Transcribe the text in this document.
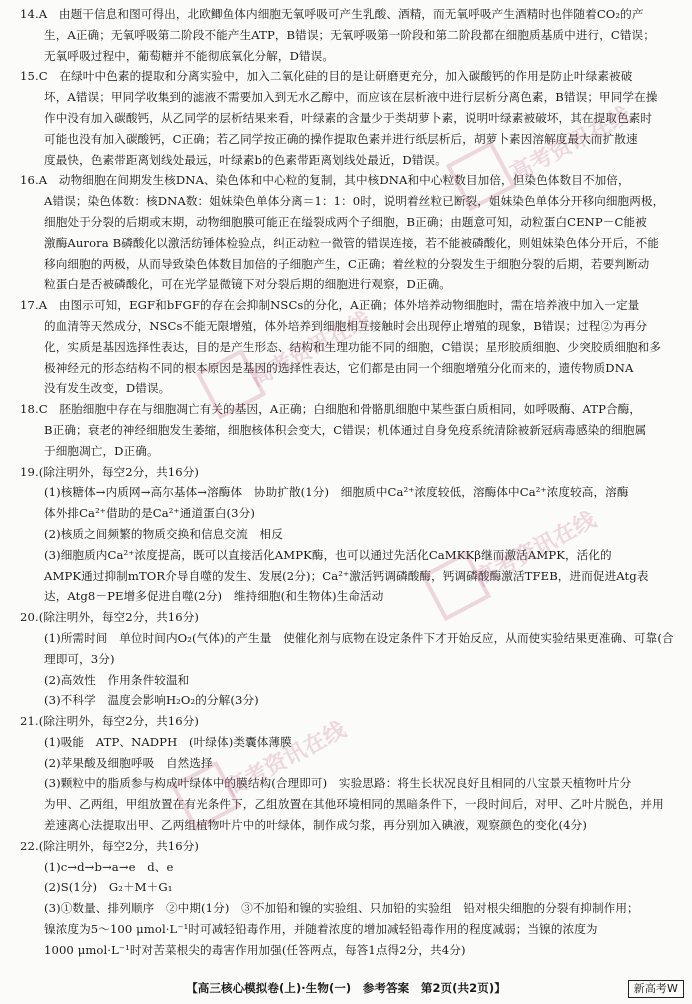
14.A　由题干信息和图可得出，北欧鲫鱼体内细胞无氧呼吸可产生乳酸、酒精，而无氧呼吸产生酒精时也伴随着CO₂的产
生，A正确；无氧呼吸第二阶段不能产生ATP，B错误；无氧呼吸第一阶段和第二阶段都在细胞质基质中进行，C错误；
无氧呼吸过程中，葡萄糖并不能彻底氧化分解，D错误。
15.C　在绿叶中色素的提取和分离实验中，加入二氧化硅的目的是让研磨更充分，加入碳酸钙的作用是防止叶绿素被破
坏，A错误；甲同学收集到的滤液不需要加入到无水乙醇中，而应该在层析液中进行层析分离色素，B错误；甲同学在操
作中没有加入碳酸钙，从乙同学的层析结果来看，叶绿素的含量少于类胡萝卜素，说明叶绿素被破坏，其在提取色素时
可能也没有加入碳酸钙，C正确；若乙同学按正确的操作提取色素并进行纸层析后，胡萝卜素因溶解度最大而扩散速
度最快，色素带距离划线处最远，叶绿素b的色素带距离划线处最近，D错误。
16.A　动物细胞在间期发生核DNA、染色体和中心粒的复制，其中核DNA和中心粒数目加倍，但染色体数目不加倍，
A错误；染色体数：核DNA数：姐妹染色单体分离＝1：1：0时，说明着丝粒已断裂，姐妹染色单体分开移向细胞两极，
细胞处于分裂的后期或末期，动物细胞膜可能正在缢裂成两个子细胞，B正确；由题意可知，动粒蛋白CENP－C能被
激酶Aurora B磷酸化以激活纺锤体检验点，纠正动粒一微管的错误连接，若不能被磷酸化，则姐妹染色体分开后，不能
移向细胞的两极，从而导致染色体数目加倍的子细胞产生，C正确；着丝粒的分裂发生于细胞分裂的后期，若要判断动
粒蛋白是否被磷酸化，可在光学显微镜下对分裂后期的细胞进行观察，D正确。
17.A　由图示可知，EGF和bFGF的存在会抑制NSCs的分化，A正确；体外培养动物细胞时，需在培养液中加入一定量
的血清等天然成分，NSCs不能无限增殖，体外培养到细胞相互接触时会出现停止增殖的现象，B错误；过程②为再分
化，实质是基因选择性表达，目的是产生形态、结构和生理功能不同的细胞，C错误；星形胶质细胞、少突胶质细胞和多
极神经元的形态结构不同的根本原因是基因的选择性表达，它们都是由同一个细胞增殖分化而来的，遗传物质DNA
没有发生改变，D错误。
18.C　胚胎细胞中存在与细胞凋亡有关的基因，A正确；白细胞和骨骼肌细胞中某些蛋白质相同，如呼吸酶、ATP合酶，
B正确；衰老的神经细胞发生萎缩，细胞核体积会变大，C错误；机体通过自身免疫系统清除被新冠病毒感染的细胞属
于细胞凋亡，D正确。
19.(除注明外，每空2分，共16分)
(1)核糖体→内质网→高尔基体→溶酶体　协助扩散(1分)　细胞质中Ca²⁺浓度较低，溶酶体中Ca²⁺浓度较高，溶酶
体外排Ca²⁺借助的是Ca²⁺通道蛋白(3分)
(2)核质之间频繁的物质交换和信息交流　相反
(3)细胞质内Ca²⁺浓度提高，既可以直接活化AMPK酶，也可以通过先活化CaMKKβ继而激活AMPK，活化的
AMPK通过抑制mTOR介导自噬的发生、发展(2分)；Ca²⁺激活钙调磷酸酶，钙调磷酸酶激活TFEB，进而促进Atg表
达，Atg8－PE增多促进自噬(2分)　维持细胞(和生物体)生命活动
20.(除注明外，每空2分，共16分)
(1)所需时间　单位时间内O₂(气体)的产生量　使催化剂与底物在设定条件下才开始反应，从而使实验结果更准确、可靠(合
理即可，3分)
(2)高效性　作用条件较温和
(3)不科学　温度会影响H₂O₂的分解(3分)
21.(除注明外，每空2分，共16分)
(1)吸能　ATP、NADPH　(叶绿体)类囊体薄膜
(2)苹果酸及细胞呼吸　自然选择
(3)颗粒中的脂质参与构成叶绿体中的膜结构(合理即可)　实验思路：将生长状况良好且相同的八宝景天植物叶片分
为甲、乙两组，甲组放置在有光条件下，乙组放置在其他环境相同的黑暗条件下，一段时间后，对甲、乙叶片脱色，并用
差速离心法提取出甲、乙两组植物叶片中的叶绿体，制作成匀浆，再分别加入碘液，观察颜色的变化(4分)
22.(除注明外，每空2分，共16分)
(1)c→d→b→a→e　d、e
(2)S(1分)　G₂＋M＋G₁
(3)①数量、排列顺序　②中期(1分)　③不加铅和镍的实验组、只加铅的实验组　铅对根尖细胞的分裂有抑制作用；
镍浓度为5～100 μmol·L⁻¹时可减轻铅毒作用，并随着浓度的增加减轻铅毒作用的程度减弱；当镍的浓度为
1000 μmol·L⁻¹时对苦菜根尖的毒害作用加强(任答两点，每答1点得2分，共4分)
【高三核心模拟卷(上)·生物(一)　参考答案　第2页(共2页)】	新高考W
高考资讯在线
高考资讯在线
高考资讯在线
高考资讯在线
